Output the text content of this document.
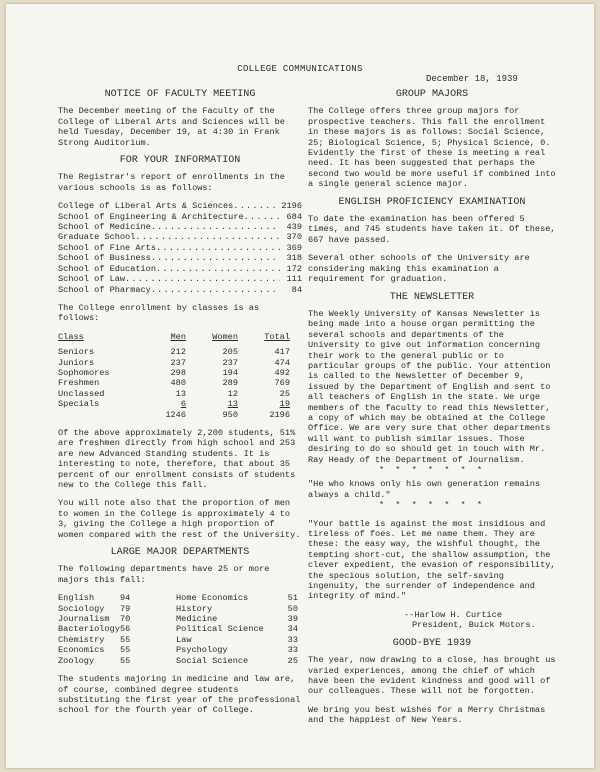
COLLEGE COMMUNICATIONS
December 18, 1939
NOTICE OF FACULTY MEETING

The December meeting of the Faculty of the College of Liberal Arts and Sciences will be held Tuesday, December 19, at 4:30 in Frank Strong Auditorium.

FOR YOUR INFORMATION

The Registrar's report of enrollments in the various schools is as follows:

College of Liberal Arts & Sciences .....	2196
School of Engineering & Architecture .....	684
School of Medicine .....	439
Graduate School .....	370
School of Fine Arts .....	369
School of Business .....	318
School of Education .....	172
School of Law .....	111
School of Pharmacy .....	84

The College enrollment by classes is as follows:

Class	Men	Women	Total

Seniors	212	205	417
Juniors	237	237	474
Sophomores	298	194	492
Freshmen	480	289	769
Unclassed	13	12	25
Specials	6	13	19
	1246	950	2196

Of the above approximately 2,200 students, 51% are freshmen directly from high school and 253 are new Advanced Standing students. It is interesting to note, therefore, that about 35 percent of our enrollment consists of students new to the College this fall.

You will note also that the proportion of men to women in the College is approximately 4 to 3, giving the College a high proportion of women compared with the rest of the University.

LARGE MAJOR DEPARTMENTS

The following departments have 25 or more majors this fall:

English	94	Home Economics	51
Sociology	79	History	50
Journalism	70	Medicine	39
Bacteriology	56	Political Science	34
Chemistry	55	Law	33
Economics	55	Psychology	33
Zoology	55	Social Science	25

The students majoring in medicine and law are, of course, combined degree students substituting the first year of the professional school for the fourth year of College.

GROUP MAJORS

The College offers three group majors for prospective teachers. This fall the enrollment in these majors is as follows: Social Science, 25; Biological Science, 5; Physical Science, 0. Evidently the first of these is meeting a real need. It has been suggested that perhaps the second two would be more useful if combined into a single general science major.

ENGLISH PROFICIENCY EXAMINATION

To date the examination has been offered 5 times, and 745 students have taken it. Of these, 667 have passed.

Several other schools of the University are considering making this examination a requirement for graduation.

THE NEWSLETTER

The Weekly University of Kansas Newsletter is being made into a house organ permitting the several schools and departments of the University to give out information concerning their work to the general public or to particular groups of the public. Your attention is called to the Newsletter of December 9, issued by the Department of English and sent to all teachers of English in the state. We urge members of the faculty to read this Newsletter, a copy of which may be obtained at the College Office. We are very sure that other departments will want to publish similar issues. Those desiring to do so should get in touch with Mr. Ray Heady of the Department of Journalism.

* * * * * * *

"He who knows only his own generation remains always a child."

* * * * * * *

"Your battle is against the most insidious and tireless of foes. Let me name them. They are these: the easy way, the wishful thought, the tempting short-cut, the shallow assumption, the clever expedient, the evasion of responsibility, the specious solution, the self-saving ingenuity, the surrender of independence and integrity of mind."

--Harlow H. Curtice
President, Buick Motors.
GOOD-BYE 1939

The year, now drawing to a close, has brought us varied experiences, among the chief of which have been the evident kindness and good will of our colleagues. These will not be forgotten.

We bring you best wishes for a Merry Christmas and the happiest of New Years.
